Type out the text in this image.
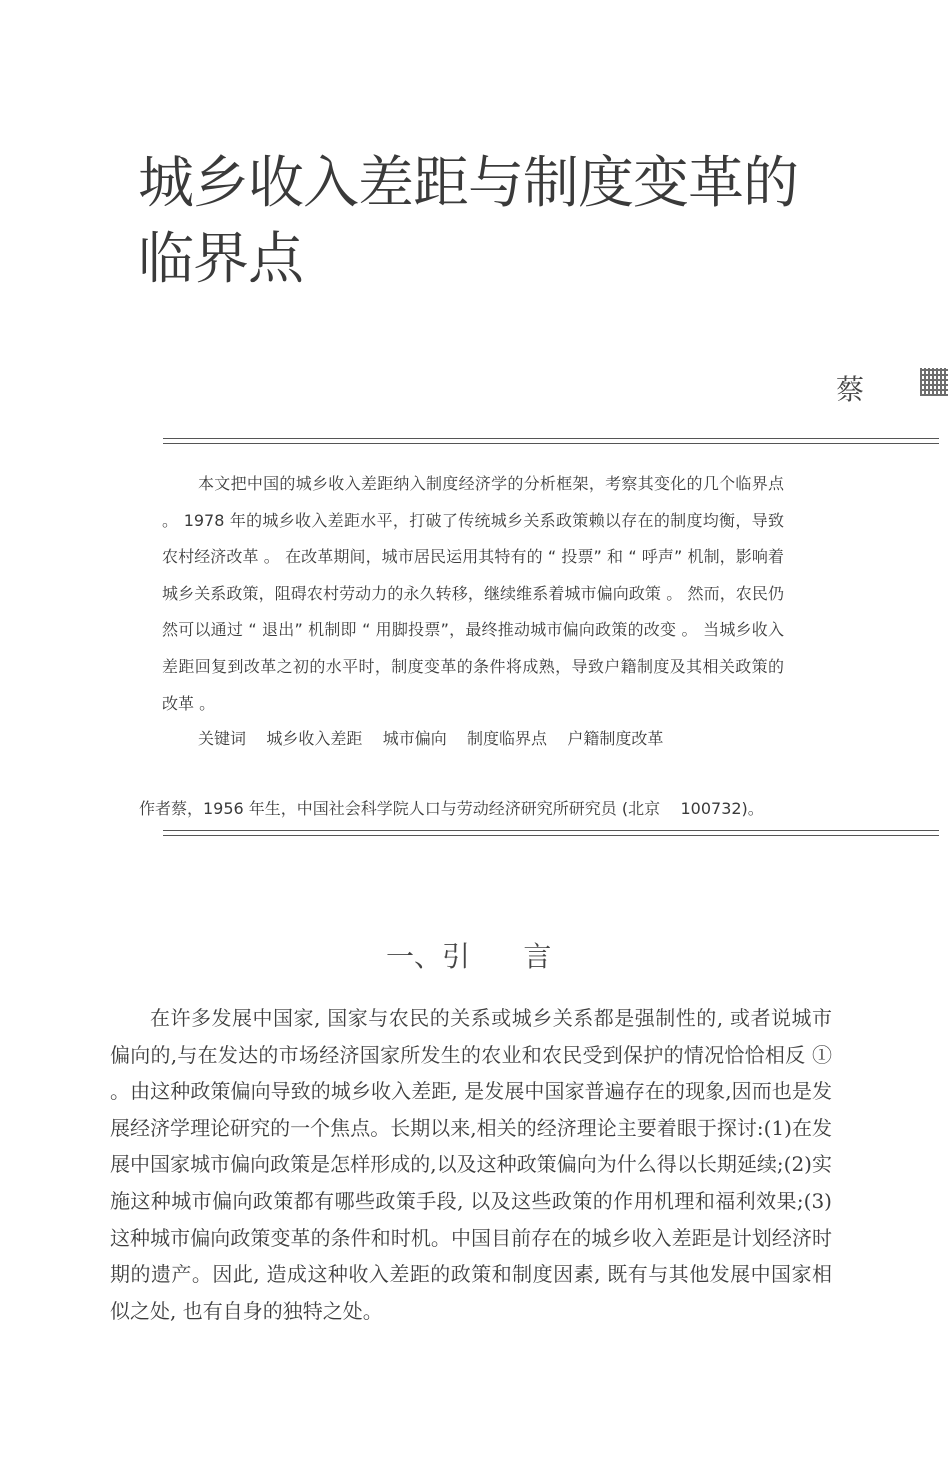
城乡收入差距与制度变革的
临界点
蔡

本文把中国的城乡收入差距纳入制度经济学的分析框架，考察其变化的几个临界点 。 1978 年的城乡收入差距水平，打破了传统城乡关系政策赖以存在的制度均衡，导致农村经济改革 。 在改革期间，城市居民运用其特有的 “ 投票” 和 “ 呼声” 机制，影响着城乡关系政策，阻碍农村劳动力的永久转移，继续维系着城市偏向政策 。 然而，农民仍然可以通过 “ 退出” 机制即 “ 用脚投票”，最终推动城市偏向政策的改变 。 当城乡收入差距回复到改革之初的水平时，制度变革的条件将成熟，导致户籍制度及其相关政策的改革 。

关键词    城乡收入差距    城市偏向    制度临界点    户籍制度改革
作者蔡，1956 年生，中国社会科学院人口与劳动经济研究所研究员 (北京    100732)。
一、引      言

在许多发展中国家, 国家与农民的关系或城乡关系都是强制性的, 或者说城市偏向的,与在发达的市场经济国家所发生的农业和农民受到保护的情况恰恰相反 ① 。由这种政策偏向导致的城乡收入差距, 是发展中国家普遍存在的现象,因而也是发展经济学理论研究的一个焦点。长期以来,相关的经济理论主要着眼于探讨:(1)在发展中国家城市偏向政策是怎样形成的,以及这种政策偏向为什么得以长期延续;(2)实施这种城市偏向政策都有哪些政策手段, 以及这些政策的作用机理和福利效果;(3)这种城市偏向政策变革的条件和时机。中国目前存在的城乡收入差距是计划经济时期的遗产。因此, 造成这种收入差距的政策和制度因素, 既有与其他发展中国家相似之处, 也有自身的独特之处。
